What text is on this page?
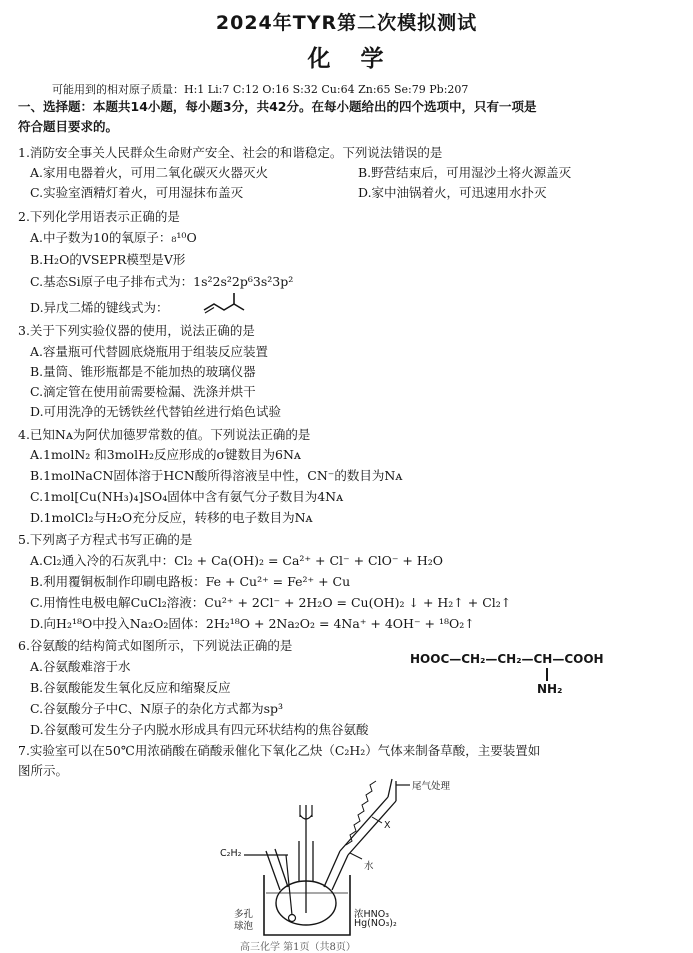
2024年TYR第二次模拟测试
化 学
可能用到的相对原子质量：H:1 Li:7 C:12 O:16 S:32 Cu:64 Zn:65 Se:79 Pb:207
一、选择题：本题共14小题，每小题3分，共42分。在每小题给出的四个选项中，只有一项是
符合题目要求的。
1.消防安全事关人民群众生命财产安全、社会的和谐稳定。下列说法错误的是
A.家用电器着火，可用二氧化碳灭火器灭火	B.野营结束后，可用湿沙土将火源盖灭
C.实验室酒精灯着火，可用湿抹布盖灭	D.家中油锅着火，可迅速用水扑灭
2.下列化学用语表示正确的是
A.中子数为10的氧原子：₈¹⁰O
B.H₂O的VSEPR模型是V形
C.基态Si原子电子排布式为：1s²2s²2p⁶3s²3p²
D.异戊二烯的键线式为：
3.关于下列实验仪器的使用，说法正确的是
A.容量瓶可代替圆底烧瓶用于组装反应装置
B.量筒、锥形瓶都是不能加热的玻璃仪器
C.滴定管在使用前需要检漏、洗涤并烘干
D.可用洗净的无锈铁丝代替铂丝进行焰色试验
4.已知Nᴀ为阿伏加德罗常数的值。下列说法正确的是
A.1molN₂ 和3molH₂反应形成的σ键数目为6Nᴀ
B.1molNaCN固体溶于HCN酸所得溶液呈中性，CN⁻的数目为Nᴀ
C.1mol[Cu(NH₃)₄]SO₄固体中含有氨气分子数目为4Nᴀ
D.1molCl₂与H₂O充分反应，转移的电子数目为Nᴀ
5.下列离子方程式书写正确的是
A.Cl₂通入冷的石灰乳中：Cl₂ + Ca(OH)₂ = Ca²⁺ + Cl⁻ + ClO⁻ + H₂O
B.利用覆铜板制作印刷电路板：Fe + Cu²⁺ = Fe²⁺ + Cu
C.用惰性电极电解CuCl₂溶液：Cu²⁺ + 2Cl⁻ + 2H₂O = Cu(OH)₂ ↓ + H₂↑ + Cl₂↑
D.向H₂¹⁸O中投入Na₂O₂固体：2H₂¹⁸O + 2Na₂O₂ = 4Na⁺ + 4OH⁻ + ¹⁸O₂↑
6.谷氨酸的结构简式如图所示，下列说法正确的是
A.谷氨酸难溶于水
B.谷氨酸能发生氧化反应和缩聚反应
C.谷氨酸分子中C、N原子的杂化方式都为sp³
D.谷氨酸可发生分子内脱水形成具有四元环状结构的焦谷氨酸
HOOC—CH₂—CH₂—CH—COOH
NH₂
7.实验室可以在50℃用浓硝酸在硝酸汞催化下氧化乙炔（C₂H₂）气体来制备草酸，主要装置如
图所示。
尾气处理
X
C₂H₂
水
多孔
球泡
浓HNO₃
Hg(NO₃)₂
高三化学 第1页（共8页）
